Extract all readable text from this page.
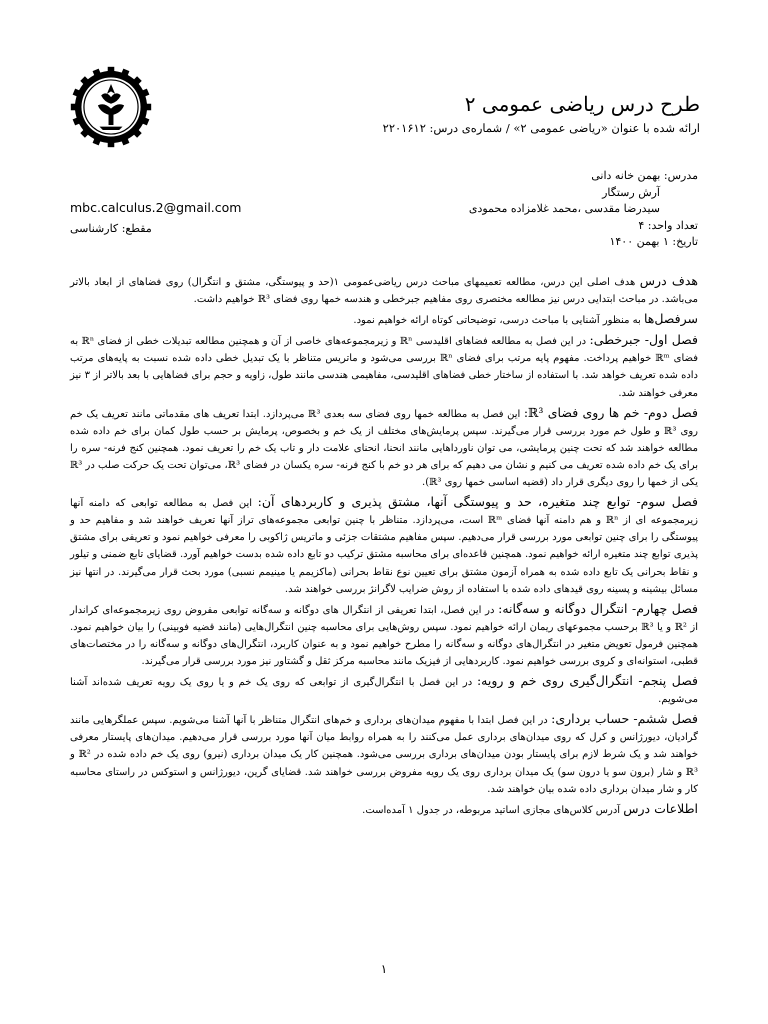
طرح درس ریاضی عمومی ۲
ارائه شده با عنوان «ریاضی عمومی ۲» / شماره‌ی درس: ۲۲۰۱۶۱۲
مدرس: بهمن خانه دانی
آرش رستگار
سیدرضا مقدسی ،محمد غلامزاده محمودی
تعداد واحد: ۴
تاریخ: ۱ بهمن ۱۴۰۰
mbc.calculus.2@gmail.com
مقطع: کارشناسی

هدف درس هدف اصلی این درس، مطالعه تعمیمهای مباحث درس ریاضی‌عمومی ۱(حد و پیوستگی، مشتق و انتگرال) روی فضاهای از ابعاد بالاتر می‌باشد. در مباحث ابتدایی درس نیز مطالعه مختصری روی مفاهیم جبرخطی و هندسه خمها روی فضای ℝ³ خواهیم داشت.

سرفصل‌ها به منظور آشنایی با مباحث درسی، توضیحاتی کوتاه ارائه خواهیم نمود.

فصل اول- جبرخطی: در این فصل به مطالعه فضاهای اقلیدسی ℝⁿ و زیرمجموعه‌های خاصی از آن و همچنین مطالعه تبدیلات خطی از فضای ℝⁿ به فضای ℝᵐ خواهیم پرداخت. مفهوم پایه مرتب برای فضای ℝⁿ بررسی می‌شود و ماتریس متناظر با یک تبدیل خطی داده شده نسبت به پایه‌های مرتب داده شده تعریف خواهد شد. با استفاده از ساختار خطی فضاهای اقلیدسی، مفاهیمی هندسی مانند طول، زاویه و حجم برای فضاهایی با بعد بالاتر از ۳ نیز معرفی خواهند شد.

فصل دوم- خم ها روی فضای ℝ³: این فصل به مطالعه خمها روی فضای سه بعدی ℝ³ می‌پردازد. ابتدا تعریف های مقدماتی مانند تعریف یک خم روی ℝ³ و طول خم مورد بررسی قرار می‌گیرند. سپس پرمایش‌های مختلف از یک خم و بخصوص، پرمایش بر حسب طول کمان برای خم داده شده مطالعه خواهند شد که تحت چنین پرمایشی، می توان ناورداهایی مانند انحنا، انحنای علامت دار و تاب یک خم را تعریف نمود. همچنین کنج فرنه- سره را برای یک خم داده شده تعریف می کنیم و نشان می دهیم که برای هر دو خم با کنج فرنه- سره یکسان در فضای ℝ³، می‌توان تحت یک حرکت صلب در ℝ³ یکی از خمها را روی دیگری قرار داد (قضیه اساسی خمها روی ℝ³).

فصل سوم- توابع چند متغیره، حد و پیوستگی آنها، مشتق پذیری و کاربردهای آن: این فصل به مطالعه توابعی که دامنه آنها زیرمجموعه ای از ℝⁿ و هم دامنه آنها فضای ℝᵐ است، می‌پردازد. متناظر با چنین توابعی مجموعه‌های تراز آنها تعریف خواهند شد و مفاهیم حد و پیوستگی را برای چنین توابعی مورد بررسی قرار می‌دهیم. سپس مفاهیم مشتقات جزئی و ماتریس ژاکوبی را معرفی خواهیم نمود و تعریفی برای مشتق پذیری توابع چند متغیره ارائه خواهیم نمود. همچنین قاعده‌ای برای محاسبه مشتق ترکیب دو تابع داده شده بدست خواهیم آورد. قضایای تابع ضمنی و تیلور و نقاط بحرانی یک تابع داده شده به همراه آزمون مشتق برای تعیین نوع نقاط بحرانی (ماکزیمم یا مینیمم نسبی) مورد بحث قرار می‌گیرند. در انتها نیز مسائل بیشینه و پسینه روی قیدهای داده شده با استفاده از روش ضرایب لاگرانژ بررسی خواهند شد.

فصل چهارم- انتگرال دوگانه و سه‌گانه: در این فصل، ابتدا تعریفی از انتگرال های دوگانه و سه‌گانه توابعی مفروض روی زیرمجموعه‌ای کراندار از ℝ² و یا ℝ³ برحسب مجموعهای ریمان ارائه خواهیم نمود. سپس روش‌هایی برای محاسبه چنین انتگرال‌هایی (مانند قضیه فوبینی) را بیان خواهیم نمود. همچنین فرمول تعویض متغیر در انتگرال‌های دوگانه و سه‌گانه را مطرح خواهیم نمود و به عنوان کاربرد، انتگرال‌های دوگانه و سه‌گانه را در مختصات‌های قطبی، استوانه‌ای و کروی بررسی خواهیم نمود. کاربردهایی از فیزیک مانند محاسبه مرکز ثقل و گشتاور نیز مورد بررسی قرار می‌گیرند.

فصل پنجم- انتگرال‌گیری روی خم و رویه: در این فصل با انتگرال‌گیری از توابعی که روی یک خم و یا روی یک رویه تعریف شده‌اند آشنا می‌شویم.

فصل ششم- حساب برداری: در این فصل ابتدا با مفهوم میدان‌های برداری و خم‌های انتگرال متناظر با آنها آشنا می‌شویم. سپس عملگرهایی مانند گرادیان، دیورژانس و کرل که روی میدان‌های برداری عمل می‌کنند را به همراه روابط میان آنها مورد بررسی قرار می‌دهیم. میدان‌های پایستار معرفی خواهند شد و یک شرط لازم برای پایستار بودن میدان‌های برداری بررسی می‌شود. همچنین کار یک میدان برداری (نیرو) روی یک خم داده شده در ℝ² و ℝ³ و شار (برون سو یا درون سو) یک میدان برداری روی یک رویه مفروض بررسی خواهند شد. قضایای گرین، دیورژانس و استوکس در راستای محاسبه کار و شار میدان برداری داده شده بیان خواهند شد.

اطلاعات درس آدرس کلاس‌های مجازی اساتید مربوطه، در جدول ۱ آمده‌است.

۱
